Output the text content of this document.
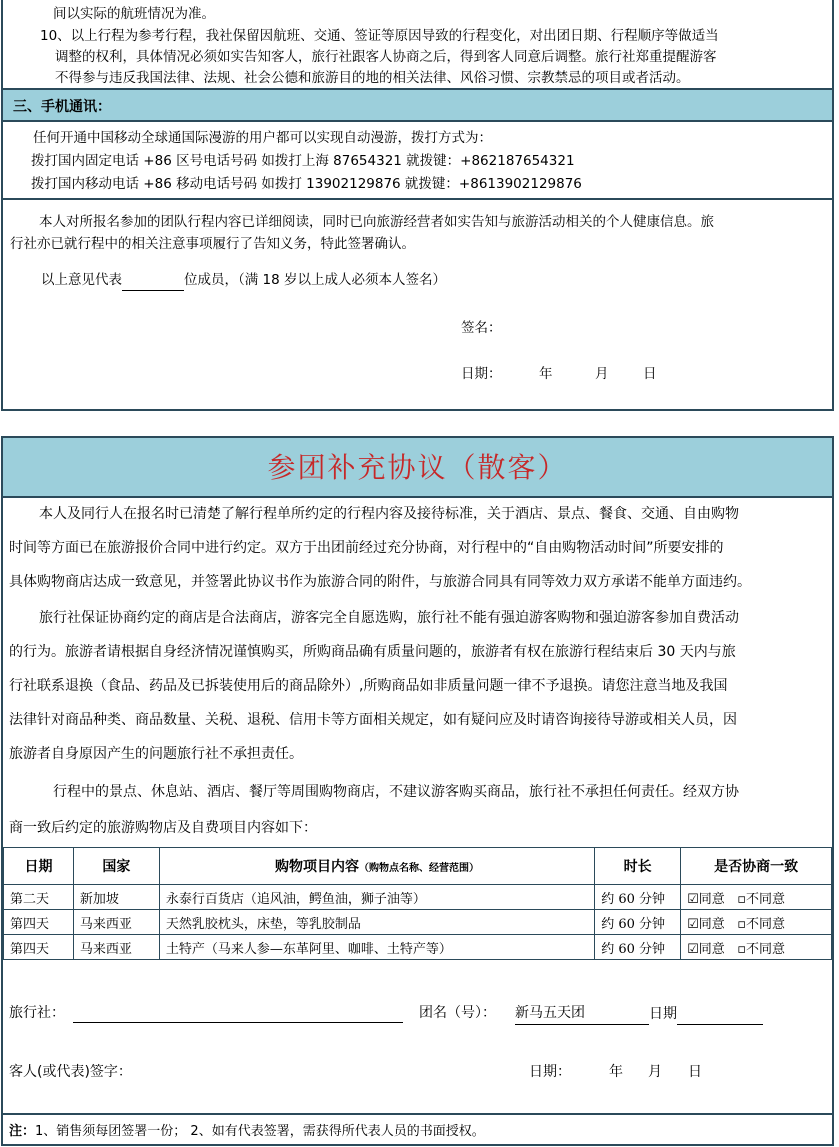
间以实际的航班情况为准。
10、以上行程为参考行程，我社保留因航班、交通、签证等原因导致的行程变化，对出团日期、行程顺序等做适当
调整的权利，具体情况必须如实告知客人，旅行社跟客人协商之后，得到客人同意后调整。旅行社郑重提醒游客
不得参与违反我国法律、法规、社会公德和旅游目的地的相关法律、风俗习惯、宗教禁忌的项目或者活动。
三、手机通讯：
任何开通中国移动全球通国际漫游的用户都可以实现自动漫游，拨打方式为：
拨打国内固定电话 +86 区号电话号码 如拨打上海 87654321 就拨键：+862187654321
拨打国内移动电话 +86 移动电话号码 如拨打 13902129876 就拨键：+8613902129876
本人对所报名参加的团队行程内容已详细阅读，同时已向旅游经营者如实告知与旅游活动相关的个人健康信息。旅
行社亦已就行程中的相关注意事项履行了告知义务，特此签署确认。
以上意见代表	位成员，（满 18 岁以上成人必须本人签名）
签名：
日期：	年	月	日
参团补充协议（散客）
本人及同行人在报名时已清楚了解行程单所约定的行程内容及接待标准，关于酒店、景点、餐食、交通、自由购物
时间等方面已在旅游报价合同中进行约定。双方于出团前经过充分协商，对行程中的“自由购物活动时间”所要安排的
具体购物商店达成一致意见，并签署此协议书作为旅游合同的附件，与旅游合同具有同等效力双方承诺不能单方面违约。
旅行社保证协商约定的商店是合法商店，游客完全自愿选购，旅行社不能有强迫游客购物和强迫游客参加自费活动
的行为。旅游者请根据自身经济情况谨慎购买，所购商品确有质量问题的，旅游者有权在旅游行程结束后 30 天内与旅
行社联系退换（食品、药品及已拆装使用后的商品除外）,所购商品如非质量问题一律不予退换。请您注意当地及我国
法律针对商品种类、商品数量、关税、退税、信用卡等方面相关规定，如有疑问应及时请咨询接待导游或相关人员，因
旅游者自身原因产生的问题旅行社不承担责任。
行程中的景点、休息站、酒店、餐厅等周围购物商店，不建议游客购买商品，旅行社不承担任何责任。经双方协
商一致后约定的旅游购物店及自费项目内容如下：
日期	国家	购物项目内容（购物点名称、经营范围）	时长	是否协商一致
第二天	新加坡	永泰行百货店（追风油，鳄鱼油，狮子油等）	约 60 分钟	☑同意 ▫不同意
第四天	马来西亚	天然乳胶枕头，床垫，等乳胶制品	约 60 分钟	☑同意 ▫不同意
第四天	马来西亚	土特产（马来人参—东革阿里、咖啡、土特产等）	约 60 分钟	☑同意 ▫不同意
旅行社：	团名（号）： 新马五天团	日期
客人(或代表)签字：	日期：	年 月 日
注：1、销售须每团签署一份； 2、如有代表签署，需获得所代表人员的书面授权。
